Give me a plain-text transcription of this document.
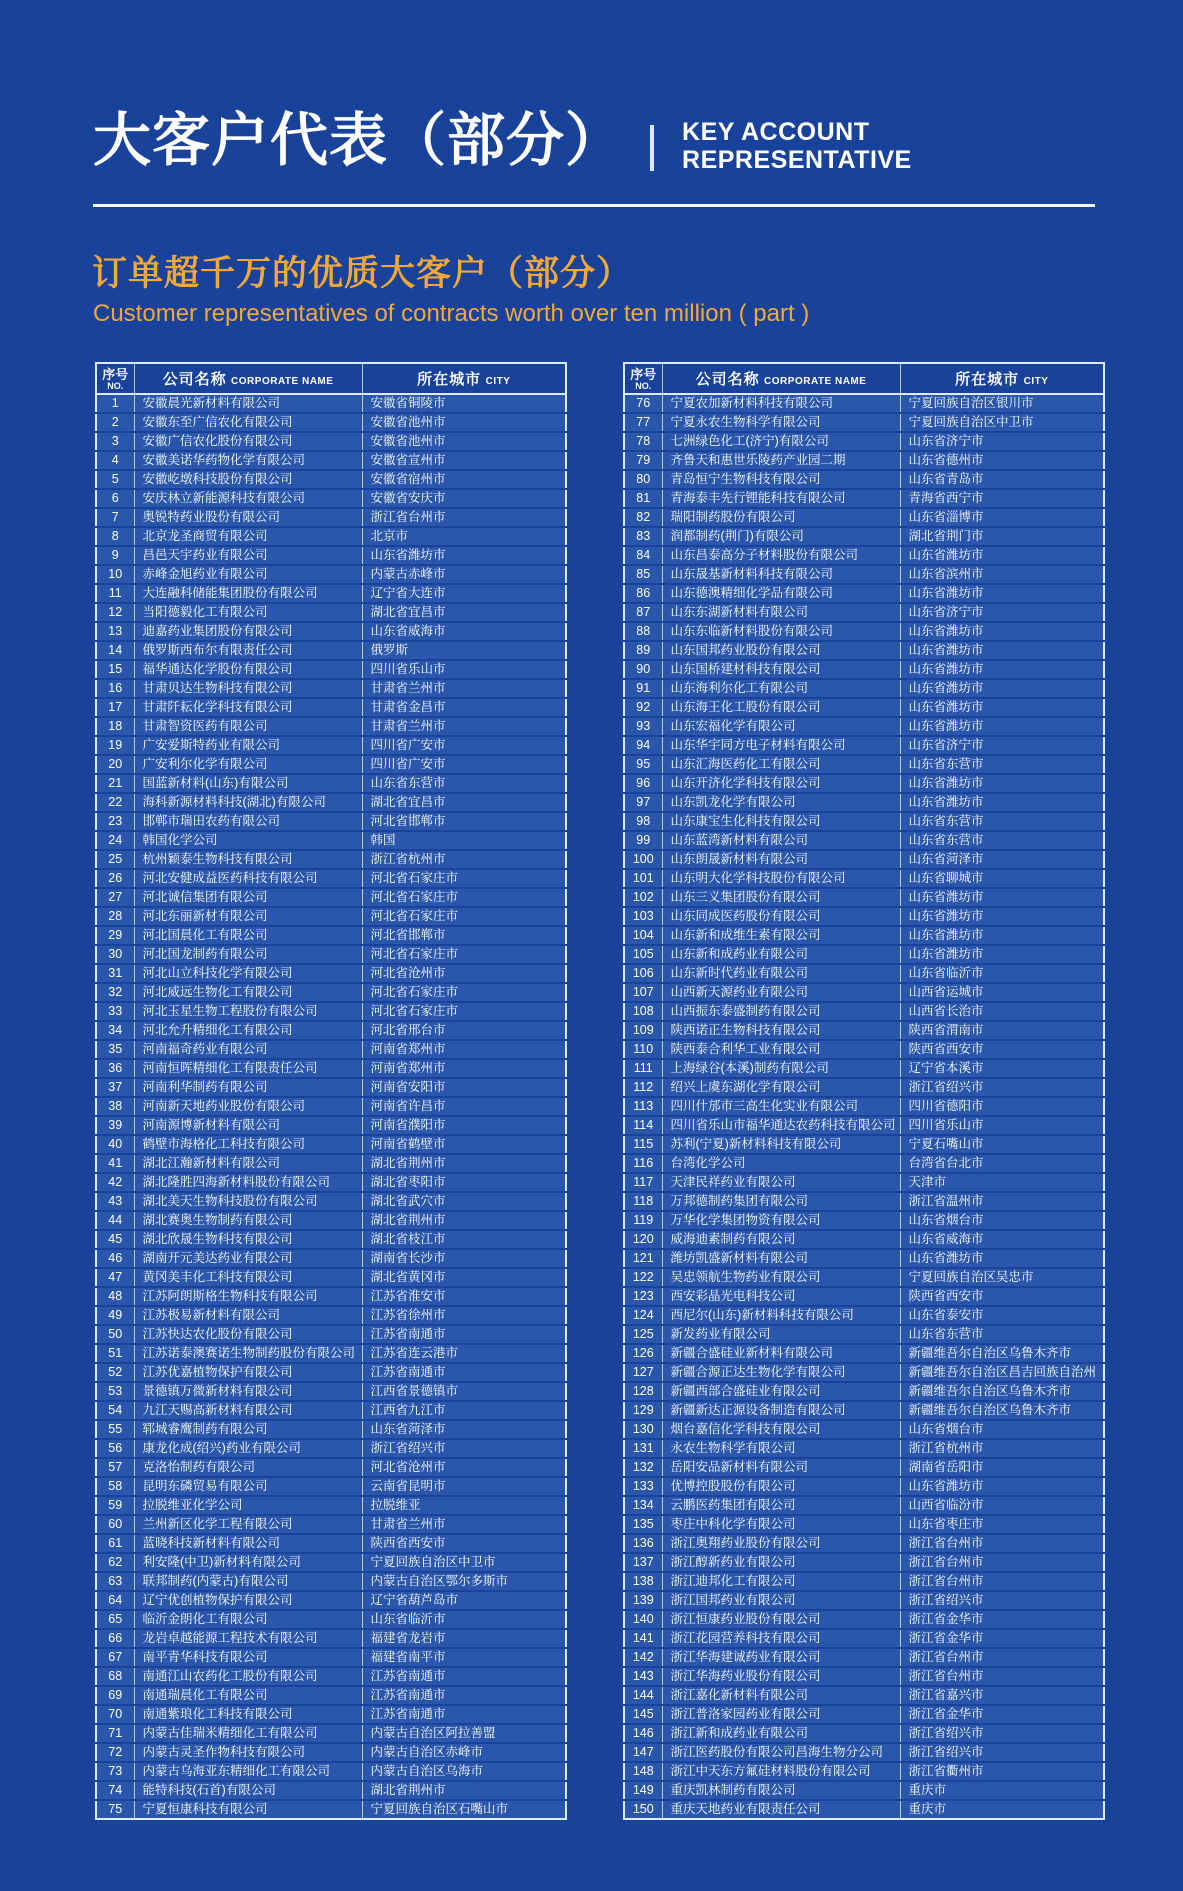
大客户代表（部分） KEY ACCOUNT
REPRESENTATIVE
订单超千万的优质大客户（部分）
Customer representatives of contracts worth over ten million ( part )
序号
NO.	公司名称 CORPORATE NAME	所在城市 CITY
1	安徽晨光新材料有限公司	安徽省铜陵市
2	安徽东至广信农化有限公司	安徽省池州市
3	安徽广信农化股份有限公司	安徽省池州市
4	安徽美诺华药物化学有限公司	安徽省宣州市
5	安徽屹墩科技股份有限公司	安徽省宿州市
6	安庆林立新能源科技有限公司	安徽省安庆市
7	奥锐特药业股份有限公司	浙江省台州市
8	北京龙圣商贸有限公司	北京市
9	昌邑天宇药业有限公司	山东省潍坊市
10	赤峰金旭药业有限公司	内蒙古赤峰市
11	大连融科储能集团股份有限公司	辽宁省大连市
12	当阳德毅化工有限公司	湖北省宜昌市
13	迪嘉药业集团股份有限公司	山东省威海市
14	俄罗斯西布尔有限责任公司	俄罗斯
15	福华通达化学股份有限公司	四川省乐山市
16	甘肃贝达生物科技有限公司	甘肃省兰州市
17	甘肃阡耘化学科技有限公司	甘肃省金昌市
18	甘肃智资医药有限公司	甘肃省兰州市
19	广安爱斯特药业有限公司	四川省广安市
20	广安利尔化学有限公司	四川省广安市
21	国蓝新材料(山东)有限公司	山东省东营市
22	海科新源材料科技(湖北)有限公司	湖北省宜昌市
23	邯郸市瑞田农药有限公司	河北省邯郸市
24	韩国化学公司	韩国
25	杭州颖泰生物科技有限公司	浙江省杭州市
26	河北安健成益医药科技有限公司	河北省石家庄市
27	河北诚信集团有限公司	河北省石家庄市
28	河北东丽新材有限公司	河北省石家庄市
29	河北国晨化工有限公司	河北省邯郸市
30	河北国龙制药有限公司	河北省石家庄市
31	河北山立科技化学有限公司	河北省沧州市
32	河北威远生物化工有限公司	河北省石家庄市
33	河北玉星生物工程股份有限公司	河北省石家庄市
34	河北允升精细化工有限公司	河北省邢台市
35	河南福奇药业有限公司	河南省郑州市
36	河南恒晖精细化工有限责任公司	河南省郑州市
37	河南利华制药有限公司	河南省安阳市
38	河南新天地药业股份有限公司	河南省许昌市
39	河南源博新材料有限公司	河南省濮阳市
40	鹤壁市海格化工科技有限公司	河南省鹤壁市
41	湖北江瀚新材料有限公司	湖北省荆州市
42	湖北隆胜四海新材料股份有限公司	湖北省枣阳市
43	湖北美天生物科技股份有限公司	湖北省武穴市
44	湖北赛奥生物制药有限公司	湖北省荆州市
45	湖北欣晟生物科技有限公司	湖北省枝江市
46	湖南开元美达药业有限公司	湖南省长沙市
47	黄冈美丰化工科技有限公司	湖北省黄冈市
48	江苏阿朗斯格生物科技有限公司	江苏省淮安市
49	江苏极易新材料有限公司	江苏省徐州市
50	江苏快达农化股份有限公司	江苏省南通市
51	江苏诺泰澳赛诺生物制药股份有限公司	江苏省连云港市
52	江苏优嘉植物保护有限公司	江苏省南通市
53	景德镇万微新材料有限公司	江西省景德镇市
54	九江天赐高新材料有限公司	江西省九江市
55	郓城睿鹰制药有限公司	山东省菏泽市
56	康龙化成(绍兴)药业有限公司	浙江省绍兴市
57	克洛怡制药有限公司	河北省沧州市
58	昆明东磷贸易有限公司	云南省昆明市
59	拉脱维亚化学公司	拉脱维亚
60	兰州新区化学工程有限公司	甘肃省兰州市
61	蓝晓科技新材料有限公司	陕西省西安市
62	利安隆(中卫)新材料有限公司	宁夏回族自治区中卫市
63	联邦制药(内蒙古)有限公司	内蒙古自治区鄂尔多斯市
64	辽宁优创植物保护有限公司	辽宁省葫芦岛市
65	临沂金朗化工有限公司	山东省临沂市
66	龙岩卓越能源工程技术有限公司	福建省龙岩市
67	南平青华科技有限公司	福建省南平市
68	南通江山农药化工股份有限公司	江苏省南通市
69	南通瑞晨化工有限公司	江苏省南通市
70	南通紫琅化工科技有限公司	江苏省南通市
71	内蒙古佳瑞米精细化工有限公司	内蒙古自治区阿拉善盟
72	内蒙古灵圣作物科技有限公司	内蒙古自治区赤峰市
73	内蒙古乌海亚东精细化工有限公司	内蒙古自治区乌海市
74	能特科技(石首)有限公司	湖北省荆州市
75	宁夏恒康科技有限公司	宁夏回族自治区石嘴山市
序号
NO.	公司名称 CORPORATE NAME	所在城市 CITY
76	宁夏农加新材料科技有限公司	宁夏回族自治区银川市
77	宁夏永农生物科学有限公司	宁夏回族自治区中卫市
78	七洲绿色化工(济宁)有限公司	山东省济宁市
79	齐鲁天和惠世乐陵药产业园二期	山东省德州市
80	青岛恒宁生物科技有限公司	山东省青岛市
81	青海泰丰先行锂能科技有限公司	青海省西宁市
82	瑞阳制药股份有限公司	山东省淄博市
83	润都制药(荆门)有限公司	湖北省荆门市
84	山东昌泰高分子材料股份有限公司	山东省潍坊市
85	山东晟基新材料科技有限公司	山东省滨州市
86	山东德澳精细化学品有限公司	山东省潍坊市
87	山东东湖新材料有限公司	山东省济宁市
88	山东东临新材料股份有限公司	山东省潍坊市
89	山东国邦药业股份有限公司	山东省潍坊市
90	山东国桥建材科技有限公司	山东省潍坊市
91	山东海利尔化工有限公司	山东省潍坊市
92	山东海王化工股份有限公司	山东省潍坊市
93	山东宏福化学有限公司	山东省潍坊市
94	山东华宇同方电子材料有限公司	山东省济宁市
95	山东汇海医药化工有限公司	山东省东营市
96	山东开济化学科技有限公司	山东省潍坊市
97	山东凯龙化学有限公司	山东省潍坊市
98	山东康宝生化科技有限公司	山东省东营市
99	山东蓝湾新材料有限公司	山东省东营市
100	山东朗晟新材料有限公司	山东省菏泽市
101	山东明大化学科技股份有限公司	山东省聊城市
102	山东三义集团股份有限公司	山东省潍坊市
103	山东同成医药股份有限公司	山东省潍坊市
104	山东新和成维生素有限公司	山东省潍坊市
105	山东新和成药业有限公司	山东省潍坊市
106	山东新时代药业有限公司	山东省临沂市
107	山西新天源药业有限公司	山西省运城市
108	山西振东泰盛制药有限公司	山西省长治市
109	陕西诺正生物科技有限公司	陕西省渭南市
110	陕西泰合利华工业有限公司	陕西省西安市
111	上海绿谷(本溪)制药有限公司	辽宁省本溪市
112	绍兴上虞东湖化学有限公司	浙江省绍兴市
113	四川什邡市三高生化实业有限公司	四川省德阳市
114	四川省乐山市福华通达农药科技有限公司	四川省乐山市
115	苏利(宁夏)新材料科技有限公司	宁夏石嘴山市
116	台湾化学公司	台湾省台北市
117	天津民祥药业有限公司	天津市
118	万邦德制药集团有限公司	浙江省温州市
119	万华化学集团物资有限公司	山东省烟台市
120	威海迪素制药有限公司	山东省威海市
121	潍坊凯盛新材料有限公司	山东省潍坊市
122	吴忠领航生物药业有限公司	宁夏回族自治区吴忠市
123	西安彩晶光电科技公司	陕西省西安市
124	西尼尔(山东)新材料科技有限公司	山东省泰安市
125	新发药业有限公司	山东省东营市
126	新疆合盛硅业新材料有限公司	新疆维吾尔自治区乌鲁木齐市
127	新疆合源正达生物化学有限公司	新疆维吾尔自治区昌吉回族自治州
128	新疆西部合盛硅业有限公司	新疆维吾尔自治区乌鲁木齐市
129	新疆新达正源设备制造有限公司	新疆维吾尔自治区乌鲁木齐市
130	烟台嘉信化学科技有限公司	山东省烟台市
131	永农生物科学有限公司	浙江省杭州市
132	岳阳安品新材料有限公司	湖南省岳阳市
133	优博控股股份有限公司	山东省潍坊市
134	云鹏医药集团有限公司	山西省临汾市
135	枣庄中科化学有限公司	山东省枣庄市
136	浙江奥翔药业股份有限公司	浙江省台州市
137	浙江醇新药业有限公司	浙江省台州市
138	浙江迪邦化工有限公司	浙江省台州市
139	浙江国邦药业有限公司	浙江省绍兴市
140	浙江恒康药业股份有限公司	浙江省金华市
141	浙江花园营养科技有限公司	浙江省金华市
142	浙江华海建诚药业有限公司	浙江省台州市
143	浙江华海药业股份有限公司	浙江省台州市
144	浙江嘉化新材料有限公司	浙江省嘉兴市
145	浙江普洛家园药业有限公司	浙江省金华市
146	浙江新和成药业有限公司	浙江省绍兴市
147	浙江医药股份有限公司昌海生物分公司	浙江省绍兴市
148	浙江中天东方氟硅材料股份有限公司	浙江省衢州市
149	重庆凯林制药有限公司	重庆市
150	重庆天地药业有限责任公司	重庆市
